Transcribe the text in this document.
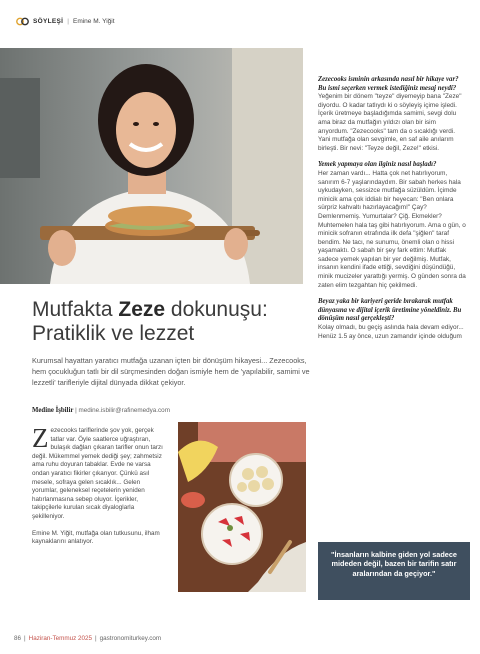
SÖYLEŞİ | Emine M. Yiğit
Mutfakta Zeze dokunuşu:
Pratiklik ve lezzet

Kurumsal hayattan yaratıcı mutfağa uzanan içten bir dönüşüm hikayesi... Zezecooks, hem çocukluğun tatlı bir dil sürçmesinden doğan ismiyle hem de 'yapılabilir, samimi ve lezzetli' tarifleriyle dijital dünyada dikkat çekiyor.

Medine İşbilir | medine.isbilir@rafinemedya.com

Zezecooks tariflerinde şov yok, gerçek tatlar var. Öyle saatlerce uğraştıran, bulaşık dağları çıkaran tarifler onun tarzı değil. Mükemmel yemek dediği şey; zahmetsiz ama ruhu doyuran tabaklar. Evde ne varsa ondan yaratıcı fikirler çıkarıyor. Çünkü asıl mesele, sofraya gelen sıcaklık... Gelen yorumlar, geleneksel reçetelerin yeniden hatırlanmasına sebep oluyor. İçerikler, takipçilerle kurulan sıcak diyaloglarla şekilleniyor.

Emine M. Yiğit, mutfağa olan tutkusunu, ilham kaynaklarını anlatıyor.

Zezecooks isminin arkasında nasıl bir hikaye var? Bu ismi seçerken vermek istediğiniz mesaj neydi?

Yeğenim bir dönem "teyze" diyemeyip bana "Zeze" diyordu. O kadar tatlıydı ki o söyleyiş içime işledi. İçerik üretmeye başladığımda samimi, sevgi dolu ama biraz da mutfağın yıldızı olan bir isim arıyordum. "Zezecooks" tam da o sıcaklığı verdi. Yani mutfağa olan sevgimle, en saf aile anılarım birleşti. Bir nevi: "Teyze değil, Zeze!" etkisi.

Yemek yapmaya olan ilginiz nasıl başladı?

Her zaman vardı... Hatta çok net hatırlıyorum, sanırım 6-7 yaşlarındaydım. Bir sabah herkes hala uykudayken, sessizce mutfağa süzüldüm. İçimde minicik ama çok iddialı bir heyecan: "Ben onlara sürpriz kahvaltı hazırlayacağım!" Çay? Demlenmemiş. Yumurtalar? Çiğ. Ekmekler? Muhtemelen hala taş gibi hatırlıyorum. Ama o gün, o minicik sofranın etrafında ilk defa "şiğlen" taraf bendim. Ne tacı, ne sunumu, önemli olan o hissi yaşamaktı. O sabah bir şey fark ettim: Mutfak sadece yemek yapılan bir yer değilmiş. Mutfak, insanın kendini ifade ettiği, sevdiğini düşündüğü, minik mucizeler yarattığı yermiş. O günden sonra da zaten elim tezgahtan hiç çekilmedi.

Beyaz yaka bir kariyeri geride bırakarak mutfak dünyasına ve dijital içerik üretimine yöneldiniz. Bu dönüşüm nasıl gerçekleşti?

Kolay olmadı, bu geçiş aslında hala devam ediyor... Henüz 1.5 ay önce, uzun zamandır içinde olduğum

"İnsanların kalbine giden yol sadece mideden değil, bazen bir tarifin satır aralarından da geçiyor."
86 | Haziran-Temmuz 2025 | gastronomiturkey.com
